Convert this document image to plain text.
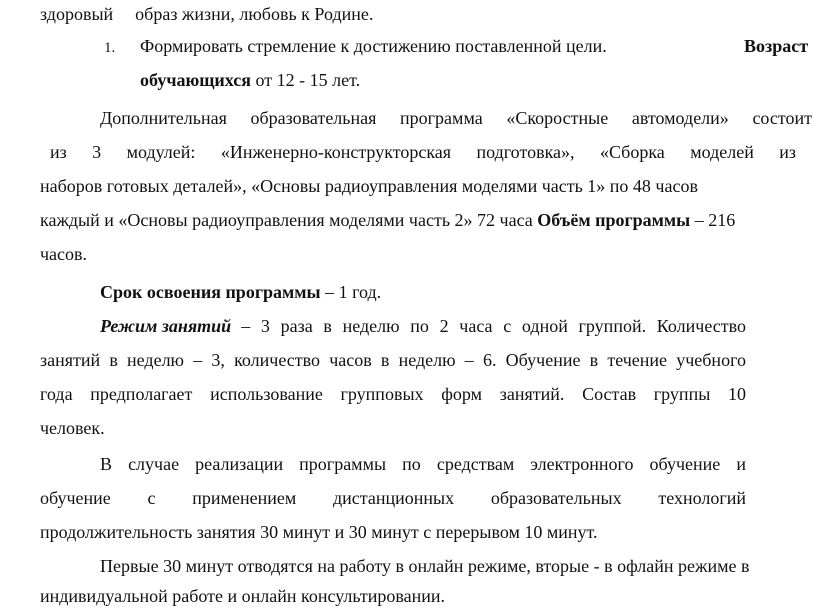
здоровый образ жизни, любовь к Родине.
1. Формировать стремление к достижению поставленной цели.	Возраст
обучающихся от 12 - 15 лет.
Дополнительная образовательная программа «Скоростные автомодели» состоит
из 3 модулей: «Инженерно-конструкторская подготовка», «Сборка моделей из
наборов готовых деталей», «Основы радиоуправления моделями часть 1» по 48 часов
каждый и «Основы радиоуправления моделями часть 2» 72 часа Объём программы – 216
часов.
Срок освоения программы – 1 год.
Режим занятий – 3 раза в неделю по 2 часа с одной группой. Количество
занятий в неделю – 3, количество часов в неделю – 6. Обучение в течение учебного
года предполагает использование групповых форм занятий. Состав группы 10
человек.
В случае реализации программы по средствам электронного обучение и
обучение с применением дистанционных образовательных технологий
продолжительность занятия 30 минут и 30 минут с перерывом 10 минут.
Первые 30 минут отводятся на работу в онлайн режиме, вторые - в офлайн режиме в
индивидуальной работе и онлайн консультировании.
